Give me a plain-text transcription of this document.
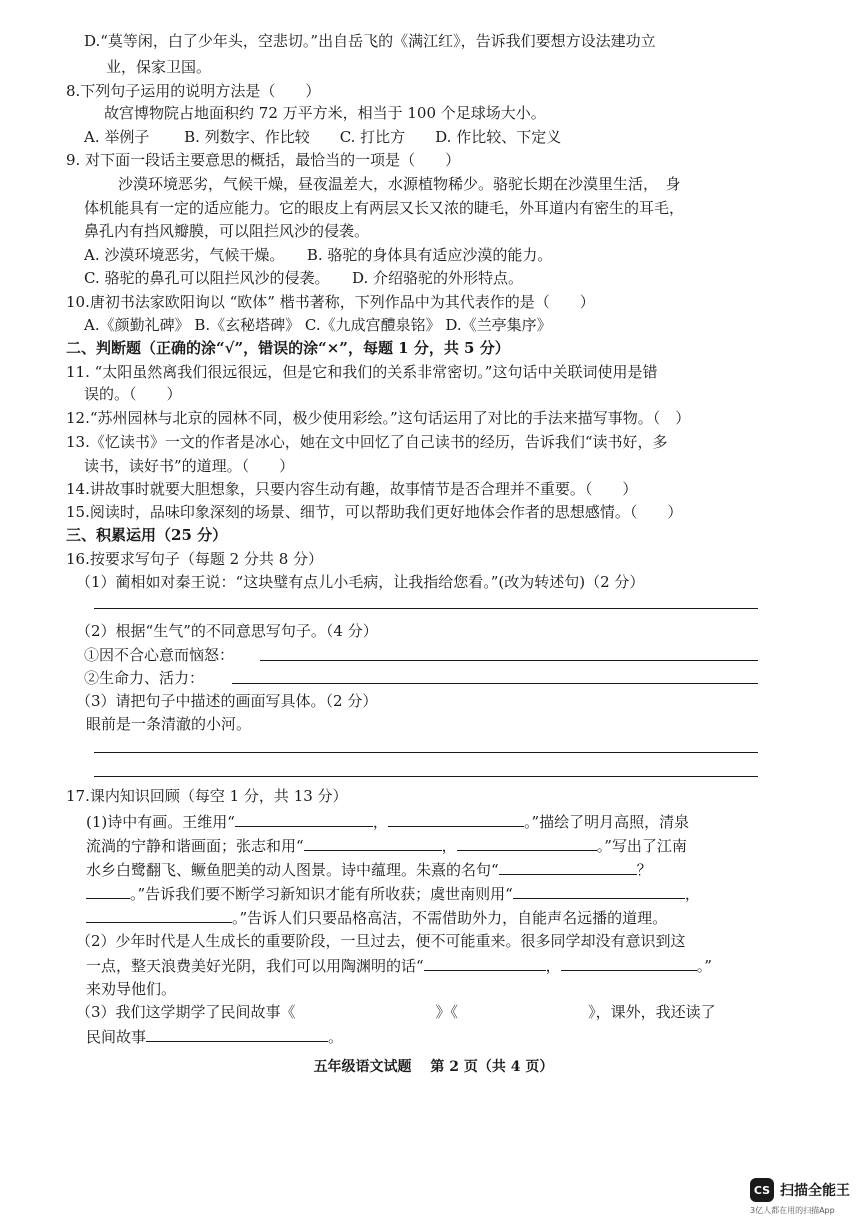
D.“莫等闲，白了少年头，空悲切。”出自岳飞的《满江红》，告诉我们要想方设法建功立
业，保家卫国。
8.下列句子运用的说明方法是（　　）
故宫博物院占地面积约 72 万平方米，相当于 100 个足球场大小。
A. 举例子　　 B. 列数字、作比较　　C. 打比方　　D. 作比较、下定义
9. 对下面一段话主要意思的概括，最恰当的一项是（　　）
沙漠环境恶劣，气候干燥，昼夜温差大，水源植物稀少。骆驼长期在沙漠里生活，　身
体机能具有一定的适应能力。它的眼皮上有两层又长又浓的睫毛，外耳道内有密生的耳毛，
鼻孔内有挡风瓣膜，可以阻拦风沙的侵袭。
A. 沙漠环境恶劣，气候干燥。　　B. 骆驼的身体具有适应沙漠的能力。
C. 骆驼的鼻孔可以阻拦风沙的侵袭。　　D. 介绍骆驼的外形特点。
10.唐初书法家欧阳询以 “欧体” 楷书著称，下列作品中为其代表作的是（　　）
A.《颜勤礼碑》 B.《玄秘塔碑》 C.《九成宫醴泉铭》 D.《兰亭集序》
二、判断题（正确的涂“√”，错误的涂“×”，每题 1 分，共 5 分）
11. “太阳虽然离我们很远很远，但是它和我们的关系非常密切。”这句话中关联词使用是错
误的。（　　）
12.“苏州园林与北京的园林不同，极少使用彩绘。”这句话运用了对比的手法来描写事物。（　）
13.《忆读书》一文的作者是冰心，她在文中回忆了自己读书的经历，告诉我们“读书好，多
读书，读好书”的道理。（　　）
14.讲故事时就要大胆想象，只要内容生动有趣，故事情节是否合理并不重要。（　　）
15.阅读时，品味印象深刻的场景、细节，可以帮助我们更好地体会作者的思想感情。（　　）
三、积累运用（25 分）
16.按要求写句子（每题 2 分共 8 分）
（1）蔺相如对秦王说：“这块璧有点儿小毛病，让我指给您看。”(改为转述句)（2 分）
（2）根据“生气”的不同意思写句子。（4 分）
①因不合心意而恼怒：
②生命力、活力：
（3）请把句子中描述的画面写具体。（2 分）
眼前是一条清澈的小河。
17.课内知识回顾（每空 1 分，共 13 分）
(1)诗中有画。王维用“	，	。”描绘了明月高照，清泉
流淌的宁静和谐画面；张志和用“	，	。”写出了江南
水乡白鹭翻飞、鳜鱼肥美的动人图景。诗中蕴理。朱熹的名句“	？
。”告诉我们要不断学习新知识才能有所收获；虞世南则用“	，
。”告诉人们只要品格高洁，不需借助外力，自能声名远播的道理。
（2）少年时代是人生成长的重要阶段，一旦过去，便不可能重来。很多同学却没有意识到这
一点，整天浪费美好光阴，我们可以用陶渊明的话“	，	。”
来劝导他们。
（3）我们这学期学了民间故事《	》《	》，课外，我还读了
民间故事	。
五年级语文试题　 第 2 页（共 4 页）
CS 扫描全能王
3亿人都在用的扫描App
